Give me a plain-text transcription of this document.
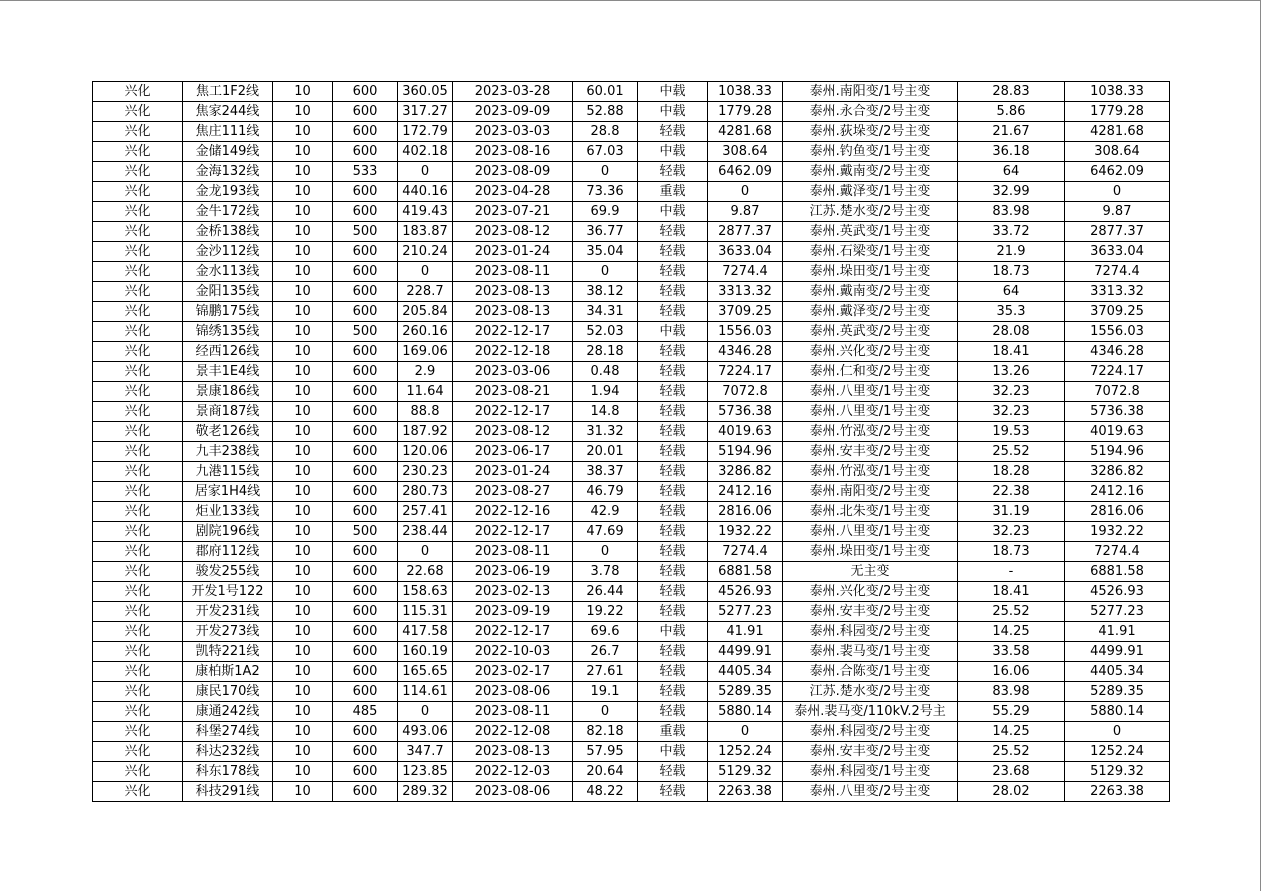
兴化	焦工1F2线	10	600	360.05	2023-03-28	60.01	中载	1038.33	泰州.南阳变/1号主变	28.83	1038.33
兴化	焦家244线	10	600	317.27	2023-09-09	52.88	中载	1779.28	泰州.永合变/2号主变	5.86	1779.28
兴化	焦庄111线	10	600	172.79	2023-03-03	28.8	轻载	4281.68	泰州.荻垛变/2号主变	21.67	4281.68
兴化	金储149线	10	600	402.18	2023-08-16	67.03	中载	308.64	泰州.钓鱼变/1号主变	36.18	308.64
兴化	金海132线	10	533	0	2023-08-09	0	轻载	6462.09	泰州.戴南变/2号主变	64	6462.09
兴化	金龙193线	10	600	440.16	2023-04-28	73.36	重载	0	泰州.戴泽变/1号主变	32.99	0
兴化	金牛172线	10	600	419.43	2023-07-21	69.9	中载	9.87	江苏.楚水变/2号主变	83.98	9.87
兴化	金桥138线	10	500	183.87	2023-08-12	36.77	轻载	2877.37	泰州.英武变/1号主变	33.72	2877.37
兴化	金沙112线	10	600	210.24	2023-01-24	35.04	轻载	3633.04	泰州.石梁变/1号主变	21.9	3633.04
兴化	金水113线	10	600	0	2023-08-11	0	轻载	7274.4	泰州.垛田变/1号主变	18.73	7274.4
兴化	金阳135线	10	600	228.7	2023-08-13	38.12	轻载	3313.32	泰州.戴南变/2号主变	64	3313.32
兴化	锦鹏175线	10	600	205.84	2023-08-13	34.31	轻载	3709.25	泰州.戴泽变/2号主变	35.3	3709.25
兴化	锦绣135线	10	500	260.16	2022-12-17	52.03	中载	1556.03	泰州.英武变/2号主变	28.08	1556.03
兴化	经西126线	10	600	169.06	2022-12-18	28.18	轻载	4346.28	泰州.兴化变/2号主变	18.41	4346.28
兴化	景丰1E4线	10	600	2.9	2023-03-06	0.48	轻载	7224.17	泰州.仁和变/2号主变	13.26	7224.17
兴化	景康186线	10	600	11.64	2023-08-21	1.94	轻载	7072.8	泰州.八里变/1号主变	32.23	7072.8
兴化	景商187线	10	600	88.8	2022-12-17	14.8	轻载	5736.38	泰州.八里变/1号主变	32.23	5736.38
兴化	敬老126线	10	600	187.92	2023-08-12	31.32	轻载	4019.63	泰州.竹泓变/2号主变	19.53	4019.63
兴化	九丰238线	10	600	120.06	2023-06-17	20.01	轻载	5194.96	泰州.安丰变/2号主变	25.52	5194.96
兴化	九港115线	10	600	230.23	2023-01-24	38.37	轻载	3286.82	泰州.竹泓变/1号主变	18.28	3286.82
兴化	居家1H4线	10	600	280.73	2023-08-27	46.79	轻载	2412.16	泰州.南阳变/2号主变	22.38	2412.16
兴化	炬业133线	10	600	257.41	2022-12-16	42.9	轻载	2816.06	泰州.北朱变/1号主变	31.19	2816.06
兴化	剧院196线	10	500	238.44	2022-12-17	47.69	轻载	1932.22	泰州.八里变/1号主变	32.23	1932.22
兴化	郡府112线	10	600	0	2023-08-11	0	轻载	7274.4	泰州.垛田变/1号主变	18.73	7274.4
兴化	骏发255线	10	600	22.68	2023-06-19	3.78	轻载	6881.58	无主变	-	6881.58
兴化	开发1号122	10	600	158.63	2023-02-13	26.44	轻载	4526.93	泰州.兴化变/2号主变	18.41	4526.93
兴化	开发231线	10	600	115.31	2023-09-19	19.22	轻载	5277.23	泰州.安丰变/2号主变	25.52	5277.23
兴化	开发273线	10	600	417.58	2022-12-17	69.6	中载	41.91	泰州.科园变/2号主变	14.25	41.91
兴化	凯特221线	10	600	160.19	2022-10-03	26.7	轻载	4499.91	泰州.裴马变/1号主变	33.58	4499.91
兴化	康柏斯1A2	10	600	165.65	2023-02-17	27.61	轻载	4405.34	泰州.合陈变/1号主变	16.06	4405.34
兴化	康民170线	10	600	114.61	2023-08-06	19.1	轻载	5289.35	江苏.楚水变/2号主变	83.98	5289.35
兴化	康通242线	10	485	0	2023-08-11	0	轻载	5880.14	泰州.裴马变/110kV.2号主	55.29	5880.14
兴化	科堡274线	10	600	493.06	2022-12-08	82.18	重载	0	泰州.科园变/2号主变	14.25	0
兴化	科达232线	10	600	347.7	2023-08-13	57.95	中载	1252.24	泰州.安丰变/2号主变	25.52	1252.24
兴化	科东178线	10	600	123.85	2022-12-03	20.64	轻载	5129.32	泰州.科园变/1号主变	23.68	5129.32
兴化	科技291线	10	600	289.32	2023-08-06	48.22	轻载	2263.38	泰州.八里变/2号主变	28.02	2263.38
